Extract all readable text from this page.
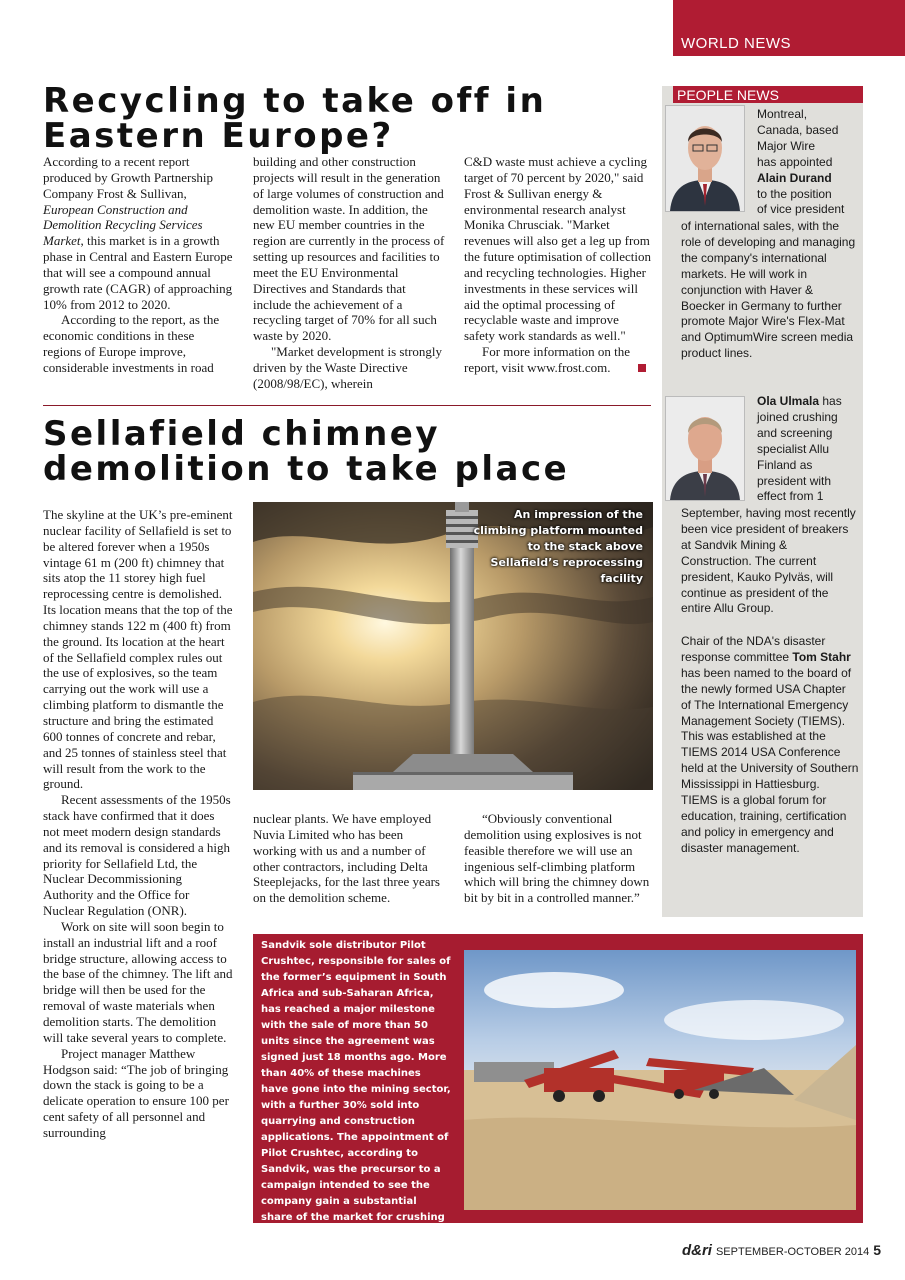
WORLD NEWS
Recycling to take off in Eastern Europe?

According to a recent report produced by Growth Partnership Company Frost & Sullivan, European Construction and Demolition Recycling Services Market, this market is in a growth phase in Central and Eastern Europe that will see a compound annual growth rate (CAGR) of approaching 10% from 2012 to 2020.

According to the report, as the economic conditions in these regions of Europe improve, considerable investments in road

building and other construction projects will result in the generation of large volumes of construction and demolition waste. In addition, the new EU member countries in the region are currently in the process of setting up resources and facilities to meet the EU Environmental Directives and Standards that include the achievement of a recycling target of 70% for all such waste by 2020.

"Market development is strongly driven by the Waste Directive (2008/98/EC), wherein

C&D waste must achieve a cycling target of 70 percent by 2020," said Frost & Sullivan energy & environmental research analyst Monika Chrusciak. "Market revenues will also get a leg up from the future optimisation of collection and recycling technologies. Higher investments in these services will aid the optimal processing of recyclable waste and improve safety work standards as well."

For more information on the report, visit www.frost.com.

Sellafield chimney demolition to take place

The skyline at the UK’s pre-eminent nuclear facility of Sellafield is set to be altered forever when a 1950s vintage 61 m (200 ft) chimney that sits atop the 11 storey high fuel reprocessing centre is demolished. Its location means that the top of the chimney stands 122 m (400 ft) from the ground. Its location at the heart of the Sellafield complex rules out the use of explosives, so the team carrying out the work will use a climbing platform to dismantle the structure and bring the estimated 600 tonnes of concrete and rebar, and 25 tonnes of stainless steel that will result from the work to the ground.

Recent assessments of the 1950s stack have confirmed that it does not meet modern design standards and its removal is considered a high priority for Sellafield Ltd, the Nuclear Decommissioning Authority and the Office for Nuclear Regulation (ONR).

Work on site will soon begin to install an industrial lift and a roof bridge structure, allowing access to the base of the chimney. The lift and bridge will then be used for the removal of waste materials when demolition starts. The demolition will take several years to complete.

Project manager Matthew Hodgson said: “The job of bringing down the stack is going to be a delicate operation to ensure 100 per cent safety of all personnel and surrounding

nuclear plants. We have employed Nuvia Limited who has been working with us and a number of other contractors, including Delta Steeplejacks, for the last three years on the demolition scheme.

“Obviously conventional demolition using explosives is not feasible therefore we will use an ingenious self-climbing platform which will bring the chimney down bit by bit in a controlled manner.”

An impression of the climbing platform mounted to the stack above Sellafield’s reprocessing facility
PEOPLE NEWS
Montreal,
Canada, based
Major Wire
has appointed
Alain Durand
to the position
of vice president

of international sales, with the role of developing and managing the company's international markets. He will work in conjunction with Haver & Boecker in Germany to further promote Major Wire's Flex-Mat and OptimumWire screen media product lines.

Ola Ulmala has
joined crushing
and screening
specialist Allu
Finland as
president with
effect from 1

September, having most recently been vice president of breakers at Sandvik Mining & Construction. The current president, Kauko Pylväs, will continue as president of the entire Allu Group.

Chair of the NDA's disaster response committee Tom Stahr has been named to the board of the newly formed USA Chapter of The International Emergency Management Society (TIEMS). This was established at the TIEMS 2014 USA Conference held at the University of Southern Mississippi in Hattiesburg. TIEMS is a global forum for education, training, certification and policy in emergency and disaster management.

Sandvik sole distributor Pilot Crushtec, responsible for sales of the former’s equipment in South Africa and sub-Saharan Africa, has reached a major milestone with the sale of more than 50 units since the agreement was signed just 18 months ago. More than 40% of these machines have gone into the mining sector, with a further 30% sold into quarrying and construction applications. The appointment of Pilot Crushtec, according to Sandvik, was the precursor to a campaign intended to see the company gain a substantial share of the market for crushing and screening equipment in the region.	d&ri SEPTEMBER-OCTOBER 2014 5
